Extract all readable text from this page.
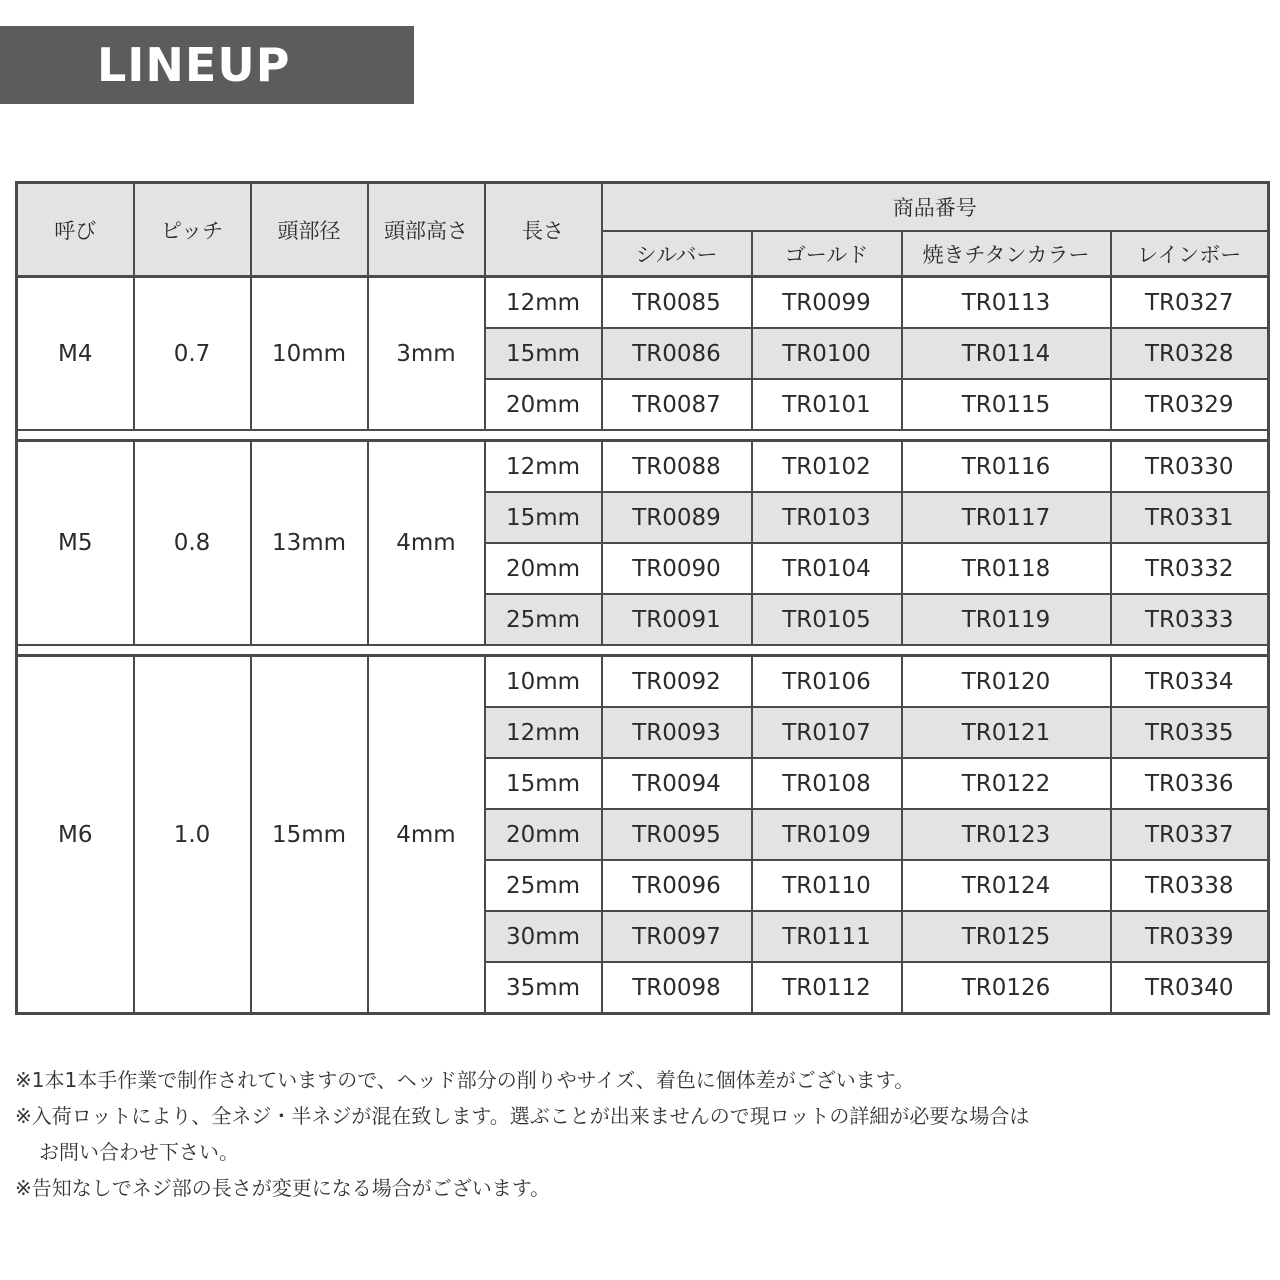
LINEUP
呼び	ピッチ	頭部径	頭部高さ	長さ	商品番号			
					シルバー	ゴールド	焼きチタンカラー	レインボー
M4	0.7	10mm	3mm	12mm	TR0085	TR0099	TR0113	TR0327
				15mm	TR0086	TR0100	TR0114	TR0328
				20mm	TR0087	TR0101	TR0115	TR0329

M5	0.8	13mm	4mm	12mm	TR0088	TR0102	TR0116	TR0330
				15mm	TR0089	TR0103	TR0117	TR0331
				20mm	TR0090	TR0104	TR0118	TR0332
				25mm	TR0091	TR0105	TR0119	TR0333

M6	1.0	15mm	4mm	10mm	TR0092	TR0106	TR0120	TR0334
				12mm	TR0093	TR0107	TR0121	TR0335
				15mm	TR0094	TR0108	TR0122	TR0336
				20mm	TR0095	TR0109	TR0123	TR0337
				25mm	TR0096	TR0110	TR0124	TR0338
				30mm	TR0097	TR0111	TR0125	TR0339
				35mm	TR0098	TR0112	TR0126	TR0340

※1本1本手作業で制作されていますので、ヘッド部分の削りやサイズ、着色に個体差がございます。

※入荷ロットにより、全ネジ・半ネジが混在致します。選ぶことが出来ませんので現ロットの詳細が必要な場合は

お問い合わせ下さい。

※告知なしでネジ部の長さが変更になる場合がございます。
